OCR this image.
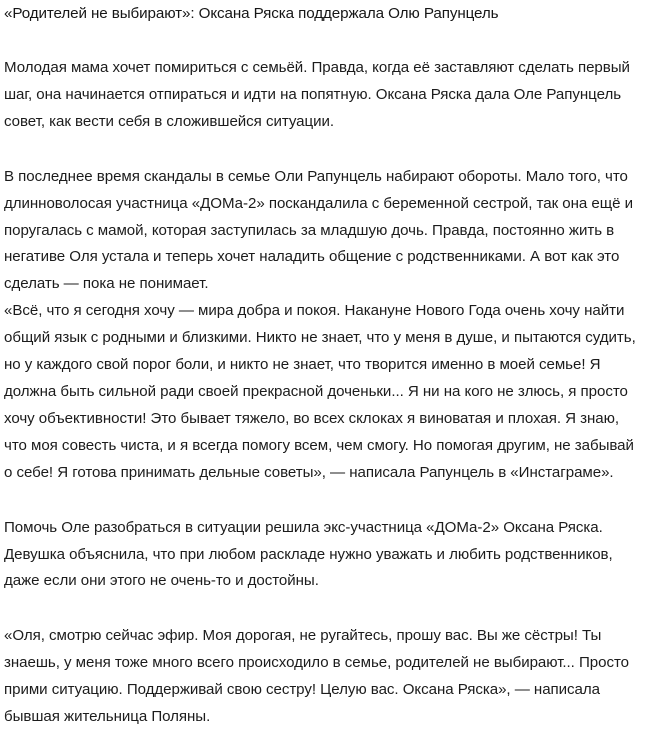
«Родителей не выбирают»: Оксана Ряска поддержала Олю Рапунцель

Молодая мама хочет помириться с семьёй. Правда, когда её заставляют сделать первый шаг, она начинается отпираться и идти на попятную. Оксана Ряска дала Оле Рапунцель совет, как вести себя в сложившейся ситуации.

В последнее время скандалы в семье Оли Рапунцель набирают обороты. Мало того, что длинноволосая участница «ДОМа-2» поскандалила с беременной сестрой, так она ещё и поругалась с мамой, которая заступилась за младшую дочь. Правда, постоянно жить в негативе Оля устала и теперь хочет наладить общение с родственниками. А вот как это сделать — пока не понимает.

«Всё, что я сегодня хочу — мира добра и покоя. Накануне Нового Года очень хочу найти общий язык с родными и близкими. Никто не знает, что у меня в душе, и пытаются судить, но у каждого свой порог боли, и никто не знает, что творится именно в моей семье! Я должна быть сильной ради своей прекрасной доченьки... Я ни на кого не злюсь, я просто хочу объективности! Это бывает тяжело, во всех склоках я виноватая и плохая. Я знаю, что моя совесть чиста, и я всегда помогу всем, чем смогу. Но помогая другим, не забывай о себе! Я готова принимать дельные советы», — написала Рапунцель в «Инстаграме».

Помочь Оле разобраться в ситуации решила экс-участница «ДОМа-2» Оксана Ряска. Девушка объяснила, что при любом раскладе нужно уважать и любить родственников, даже если они этого не очень-то и достойны.

«Оля, смотрю сейчас эфир. Моя дорогая, не ругайтесь, прошу вас. Вы же сёстры! Ты знаешь, у меня тоже много всего происходило в семье, родителей не выбирают... Просто прими ситуацию. Поддерживай свою сестру! Целую вас. Оксана Ряска», — написала бывшая жительница Поляны.
